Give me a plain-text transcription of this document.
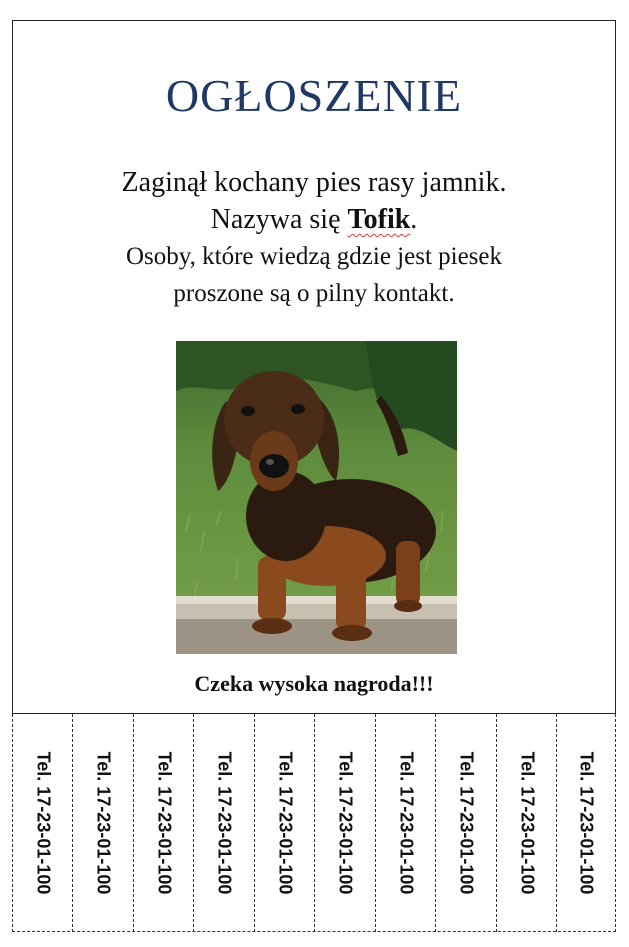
OGŁOSZENIE
Zaginął kochany pies rasy jamnik.
Nazywa się Tofik.
Osoby, które wiedzą gdzie jest piesek
proszone są o pilny kontakt.
Czeka wysoka nagroda!!!
Tel. 17-23-01-100 Tel. 17-23-01-100 Tel. 17-23-01-100 Tel. 17-23-01-100 Tel. 17-23-01-100 Tel. 17-23-01-100 Tel. 17-23-01-100 Tel. 17-23-01-100 Tel. 17-23-01-100 Tel. 17-23-01-100
